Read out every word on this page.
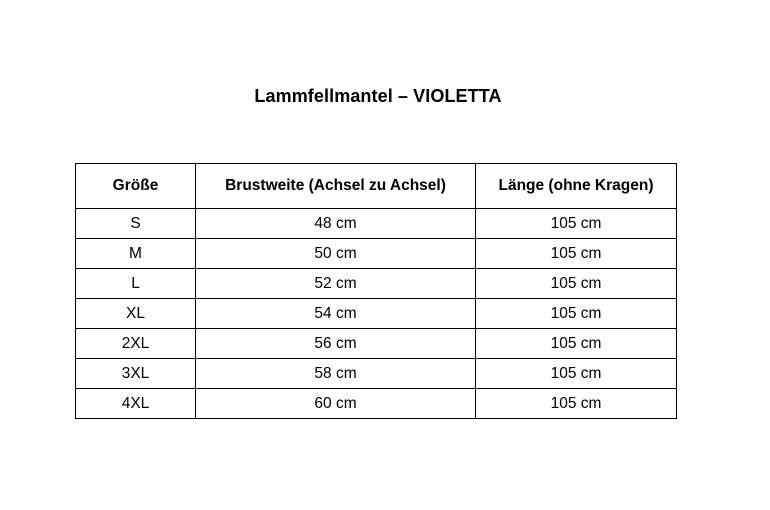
Lammfellmantel – VIOLETTA
Größe	Brustweite (Achsel zu Achsel)	Länge (ohne Kragen)
S	48 cm	105 cm
M	50 cm	105 cm
L	52 cm	105 cm
XL	54 cm	105 cm
2XL	56 cm	105 cm
3XL	58 cm	105 cm
4XL	60 cm	105 cm
